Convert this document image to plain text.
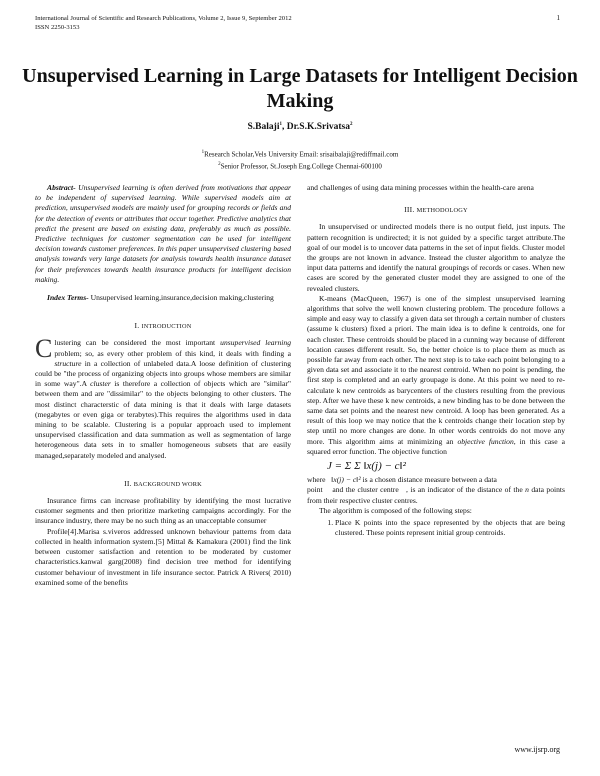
International Journal of Scientific and Research Publications, Volume 2, Issue 9, September 2012
ISSN 2250-3153
1
Unsupervised Learning in Large Datasets for Intelligent Decision Making
S.Balaji$^1$, Dr.S.K.Srivatsa$^2$
$^1$Research Scholar,Vels University Email: srisaibalaji@rediffmail.com
$^2$Senior Professor, St.Joseph Eng.College Chennai-600100

Abstract- Unsupervised learning is often derived from motivations that appear to be independent of supervised learning. While supervised models aim at prediction, unsupervised models are mainly used for grouping records or fields and for the detection of events or attributes that occur together. Predictive analytics that predict the present are based on existing data, preferably as much as possible. Predictive techniques for customer segmentation can be used for intelligent decision towards customer preferences. In this paper unsupervised clustering based analysis towards very large datasets for analysis towards health insurance dataset for their preferences towards health insurance products for intelligent decision making.

Index Terms- Unsupervised learning,insurance,decision making,clustering

I. INTRODUCTION

Clustering can be considered the most important unsupervised learning problem; so, as every other problem of this kind, it deals with finding a structure in a collection of unlabeled data.A loose definition of clustering could be "the process of organizing objects into groups whose members are similar in some way".A cluster is therefore a collection of objects which are "similar" between them and are "dissimilar" to the objects belonging to other clusters. The most distinct characterstic of data mining is that it deals with large datasets (megabytes or even giga or terabytes).This requires the algorithms used in data mining to be scalable. Clustering is a popular approach used to implement unsupervised classification and data summation as well as segmentation of large heterogeneous data sets in to smaller homogeneous subsets that are easily managed,separately modeled and analysed.

II. BACKGROUND WORK

Insurance firms can increase profitability by identifying the most lucrative customer segments and then prioritize marketing campaigns accordingly. For the insurance industry, there may be no such thing as an unacceptable consumer

Profile[4].Marisa s.viveros addressed unknown behaviour patterns from data collected in health information system.[5] Mittal & Kamakura (2001) find the link between customer satisfaction and retention to be moderated by customer characteristics.kanwal garg(2008) find decision tree method for identifying customer behaviour of investment in life insurance sector. Patrick A Rivers( 2010) examined some of the benefits

and challenges of using data mining processes within the health-care arena

III. METHODOLOGY

In unsupervised or undirected models there is no output field, just inputs. The pattern recognition is undirected; it is not guided by a specific target attribute.The goal of our model is to uncover data patterns in the set of input fields. Cluster model the groups are not known in advance. Instead the cluster algorithm to analyze the input data patterns and identify the natural groupings of records or cases. When new cases are scored by the generated cluster model they are assigned to one of the revealed clusters.

K-means (MacQueen, 1967) is one of the simplest unsupervised learning algorithms that solve the well known clustering problem. The procedure follows a simple and easy way to classify a given data set through a certain number of clusters (assume k clusters) fixed a priori. The main idea is to define k centroids, one for each cluster. These centroids should be placed in a cunning way because of different location causes different result. So, the better choice is to place them as much as possible far away from each other. The next step is to take each point belonging to a given data set and associate it to the nearest centroid. When no point is pending, the first step is completed and an early groupage is done. At this point we need to re-calculate k new centroids as barycenters of the clusters resulting from the previous step. After we have these k new centroids, a new binding has to be done between the same data set points and the nearest new centroid. A loop has been generated. As a result of this loop we may notice that the k centroids change their location step by step until no more changes are done. In other words centroids do not move any more. This algorithm aims at minimizing an objective function, in this case a squared error function. The objective function

J = Σ Σ ‖x(j) − c‖²

where ‖x(j) − c‖² is a chosen distance measure between a data

point    and the cluster centre   , is an indicator of the distance of the n data points from their respective cluster centres.

The algorithm is composed of the following steps:

1. Place K points into the space represented by the objects that are being clustered. These points represent initial group centroids.
www.ijsrp.org
